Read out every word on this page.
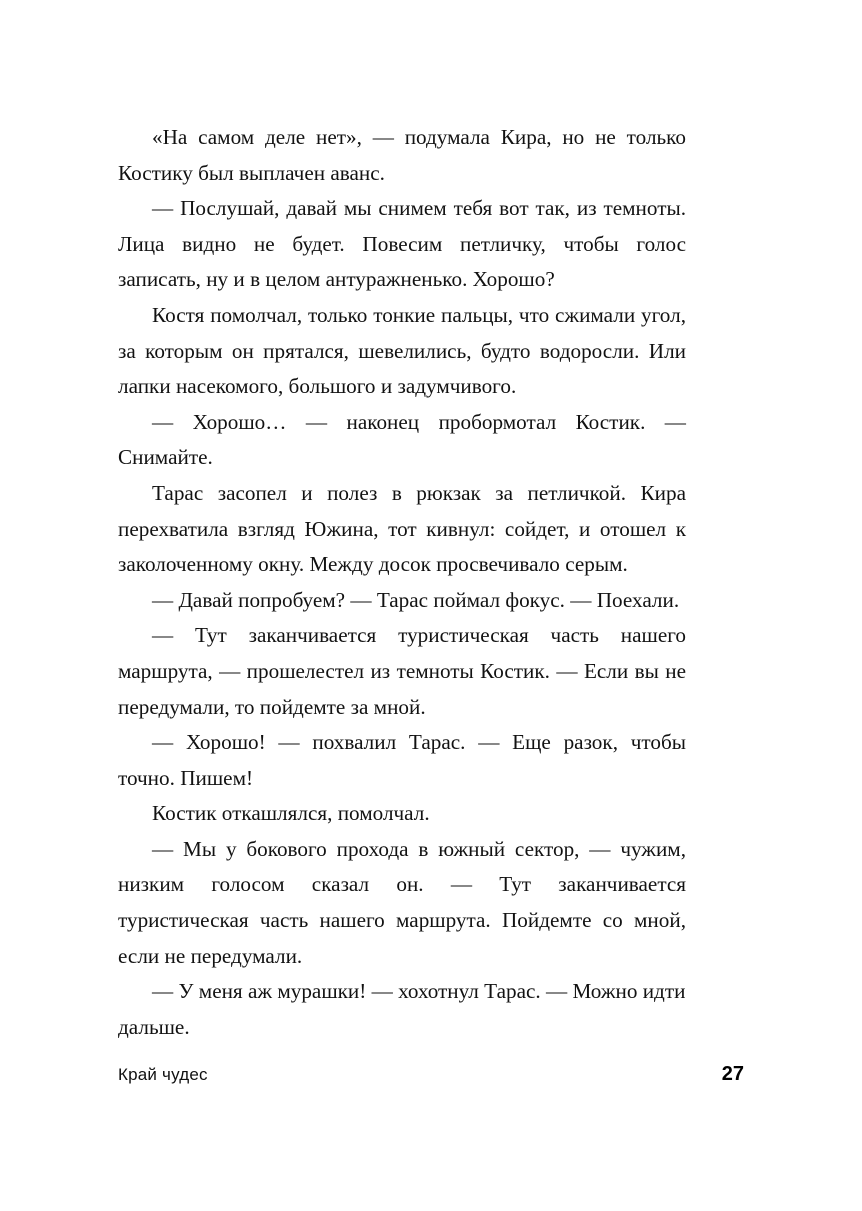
«На самом деле нет», — подумала Кира, но не только Костику был выплачен аванс.

— Послушай, давай мы снимем тебя вот так, из темноты. Лица видно не будет. Повесим петличку, чтобы голос записать, ну и в целом антуражненько. Хорошо?

Костя помолчал, только тонкие пальцы, что сжимали угол, за которым он прятался, шевелились, будто водоросли. Или лапки насекомого, большого и задумчивого.

— Хорошо… — наконец пробормотал Костик. — Снимайте.

Тарас засопел и полез в рюкзак за петличкой. Кира перехватила взгляд Южина, тот кивнул: сойдет, и отошел к заколоченному окну. Между досок просвечивало серым.

— Давай попробуем? — Тарас поймал фокус. — Поехали.

— Тут заканчивается туристическая часть нашего маршрута, — прошелестел из темноты Костик. — Если вы не передумали, то пойдемте за мной.

— Хорошо! — похвалил Тарас. — Еще разок, чтобы точно. Пишем!

Костик откашлялся, помолчал.

— Мы у бокового прохода в южный сектор, — чужим, низким голосом сказал он. — Тут заканчивается туристическая часть нашего маршрута. Пойдемте со мной, если не передумали.

— У меня аж мурашки! — хохотнул Тарас. — Можно идти дальше.

Край чудес	27
